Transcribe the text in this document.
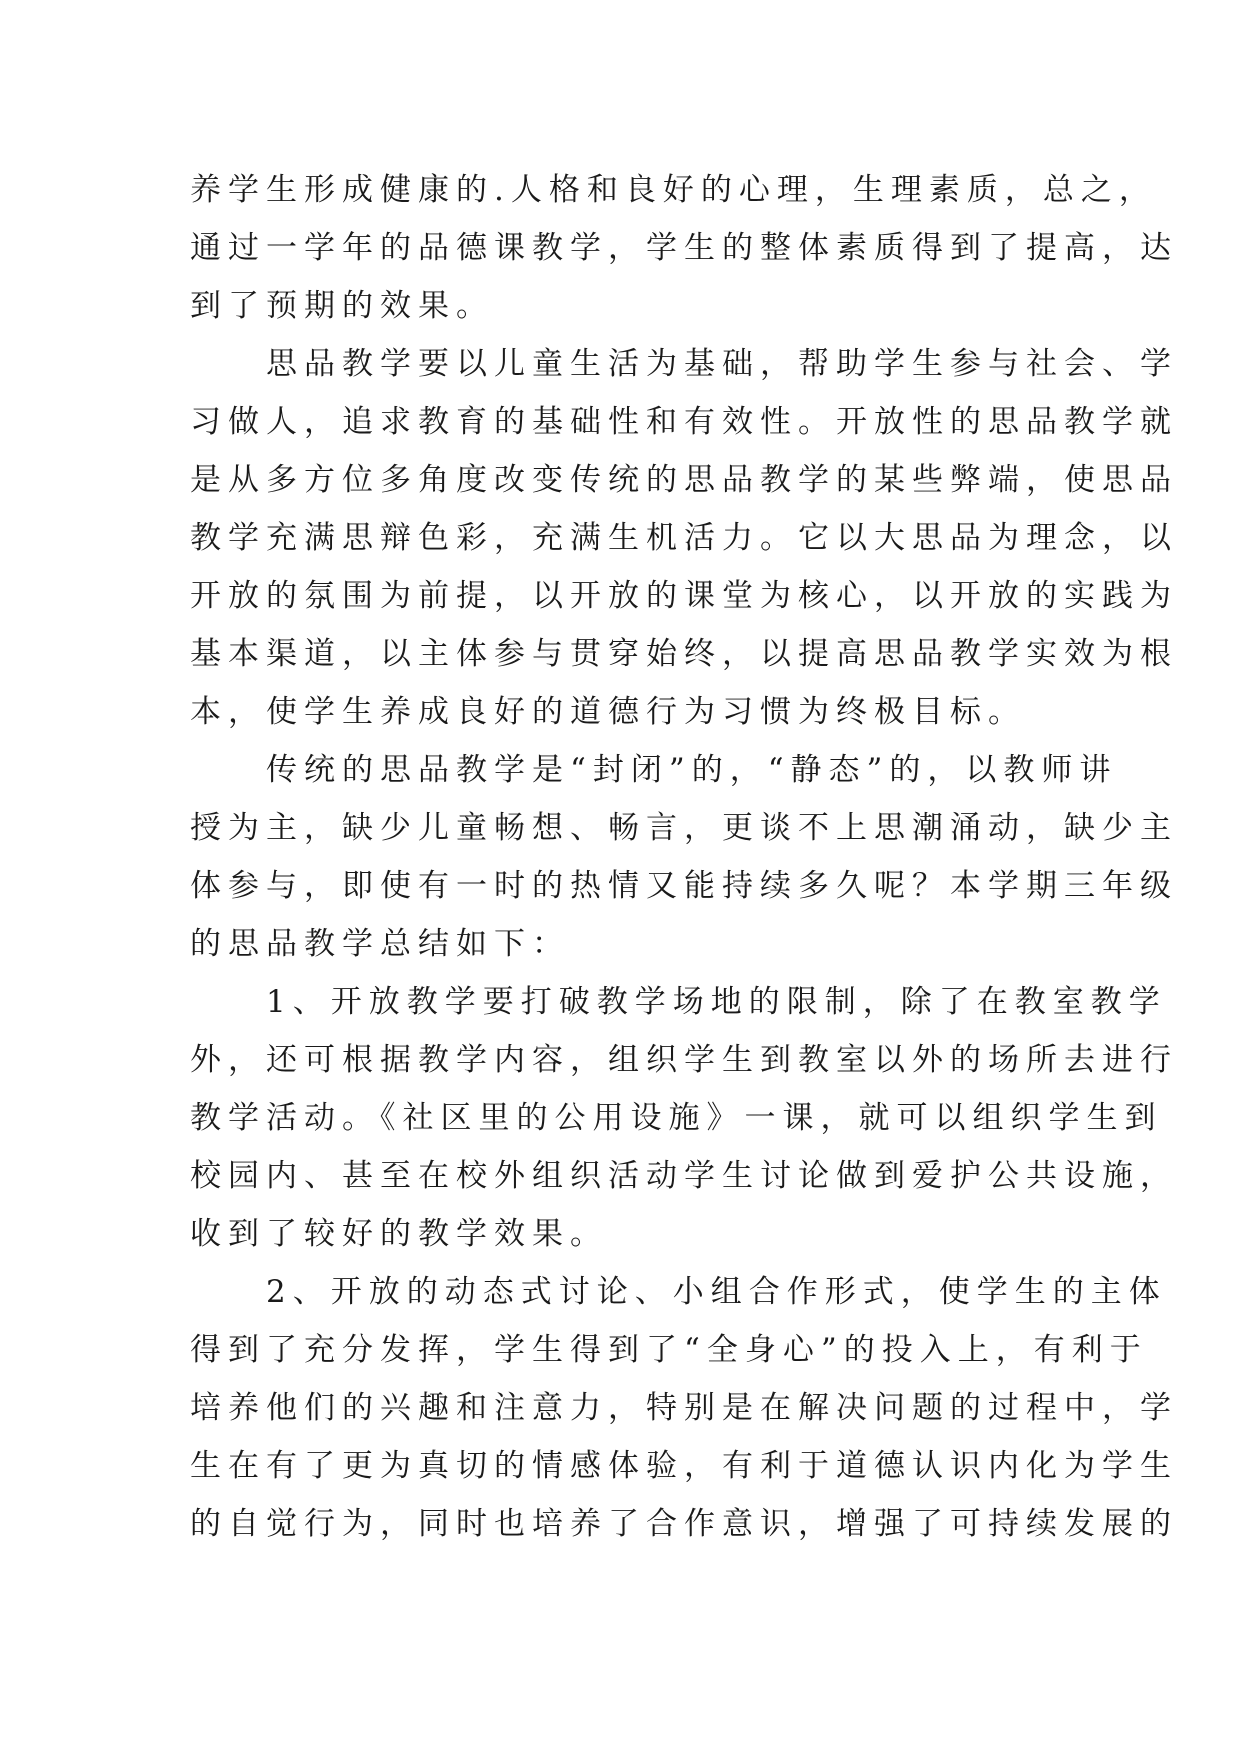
养学生形成健康的.人格和良好的心理，生理素质，总之，
通过一学年的品德课教学，学生的整体素质得到了提高，达
到了预期的效果。
思品教学要以儿童生活为基础，帮助学生参与社会、学
习做人，追求教育的基础性和有效性。开放性的思品教学就
是从多方位多角度改变传统的思品教学的某些弊端，使思品
教学充满思辩色彩，充满生机活力。它以大思品为理念，以
开放的氛围为前提，以开放的课堂为核心，以开放的实践为
基本渠道，以主体参与贯穿始终，以提高思品教学实效为根
本，使学生养成良好的道德行为习惯为终极目标。
传统的思品教学是“封闭”的，“静态”的，以教师讲
授为主，缺少儿童畅想、畅言，更谈不上思潮涌动，缺少主
体参与，即使有一时的热情又能持续多久呢？本学期三年级
的思品教学总结如下：
1、开放教学要打破教学场地的限制，除了在教室教学
外，还可根据教学内容，组织学生到教室以外的场所去进行
教学活动。《社区里的公用设施》一课，就可以组织学生到
校园内、甚至在校外组织活动学生讨论做到爱护公共设施，
收到了较好的教学效果。
2、开放的动态式讨论、小组合作形式，使学生的主体
得到了充分发挥，学生得到了“全身心”的投入上，有利于
培养他们的兴趣和注意力，特别是在解决问题的过程中，学
生在有了更为真切的情感体验，有利于道德认识内化为学生
的自觉行为，同时也培养了合作意识，增强了可持续发展的
